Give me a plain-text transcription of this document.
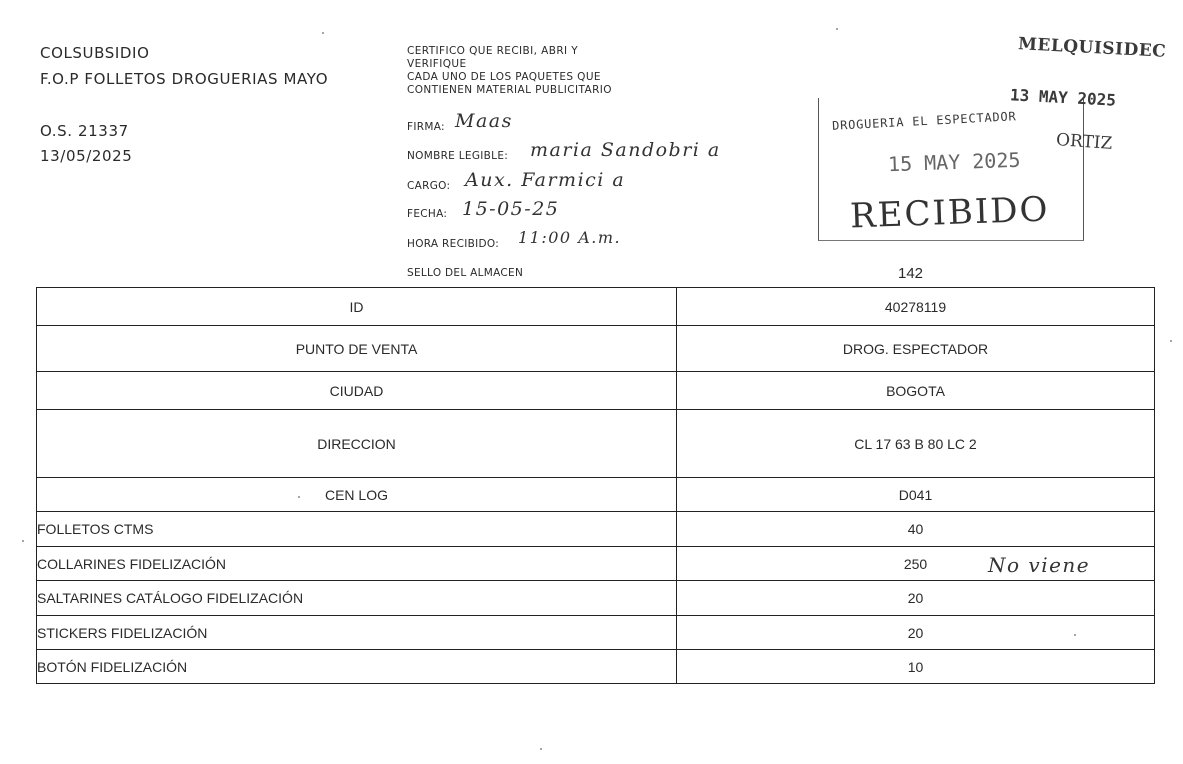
COLSUBSIDIO
F.O.P FOLLETOS DROGUERIAS MAYO
O.S. 21337
13/05/2025
CERTIFICO QUE RECIBI, ABRI Y
VERIFIQUE
CADA UNO DE LOS PAQUETES QUE
CONTIENEN MATERIAL PUBLICITARIO
FIRMA: Maas
NOMBRE LEGIBLE: maria Sandobri a
CARGO: Aux. Farmici a
FECHA: 15-05-25
HORA RECIBIDO: 11:00 A.m.
SELLO DEL ALMACEN	142
MELQUISIDEC
13 MAY 2025
DROGUERIA EL ESPECTADOR
ORTIZ
15 MAY 2025
RECIBIDO
ID	40278119
PUNTO DE VENTA	DROG. ESPECTADOR
CIUDAD	BOGOTA
DIRECCION	CL 17 63 B 80 LC 2
CEN LOG	D041
FOLLETOS CTMS	40
COLLARINES FIDELIZACIÓN	250
SALTARINES CATÁLOGO FIDELIZACIÓN	20
STICKERS FIDELIZACIÓN	20
BOTÓN FIDELIZACIÓN	10
No viene
